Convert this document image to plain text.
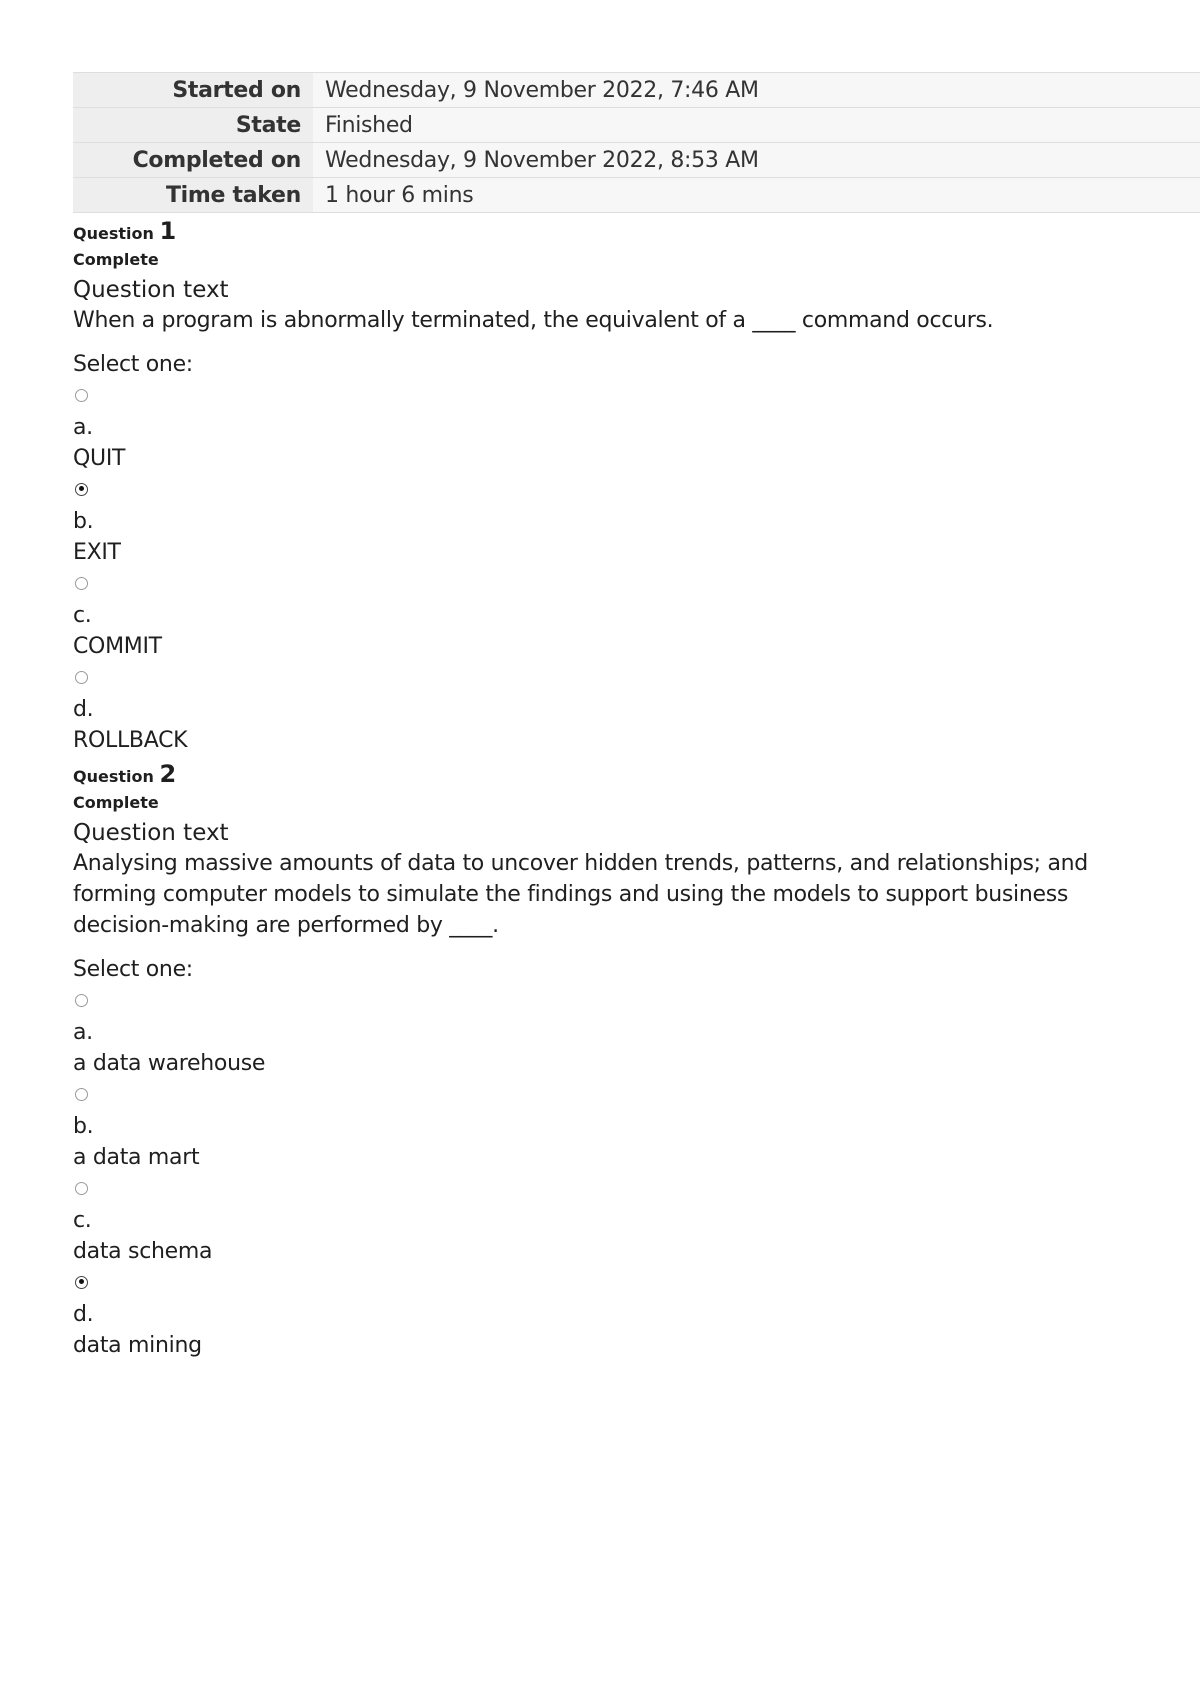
Started on	Wednesday, 9 November 2022, 7:46 AM
State	Finished
Completed on	Wednesday, 9 November 2022, 8:53 AM
Time taken	1 hour 6 mins
Question 1
Complete
Question text
When a program is abnormally terminated, the equivalent of a ____ command occurs.
Select one:
a.
QUIT
b.
EXIT
c.
COMMIT
d.
ROLLBACK
Question 2
Complete
Question text
Analysing massive amounts of data to uncover hidden trends, patterns, and relationships; and forming computer models to simulate the findings and using the models to support business decision-making are performed by ____.
Select one:
a.
a data warehouse
b.
a data mart
c.
data schema
d.
data mining
